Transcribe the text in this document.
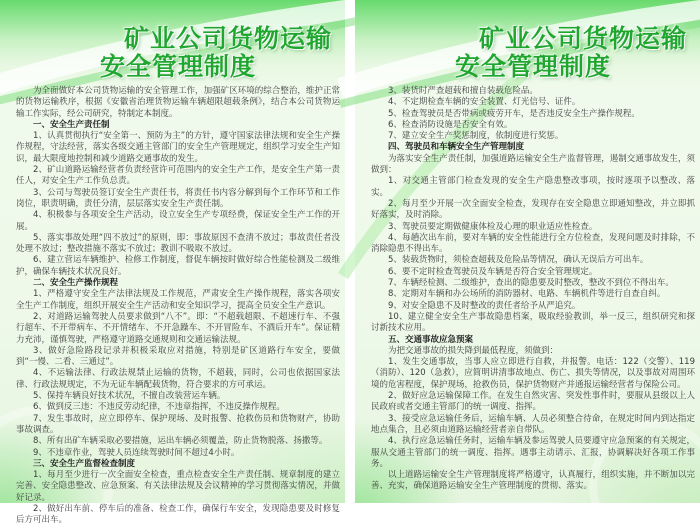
矿业公司货物运输
安全管理制度

为全面做好本公司货物运输的安全管理工作，加强矿区环境的综合整治，维护正常的货物运输秩序，根据《安徽省治理货物运输车辆超限超载条例》，结合本公司货物运输工作实际，经公司研究，特制定本制度。

一、安全生产责任制

1、认真贯彻执行“安全第一、预防为主”的方针，遵守国家法律法规和安全生产操作规程，守法经营，落实各级交通主管部门的安全生产管理规定，组织学习安全生产知识，最大限度地控制和减少道路交通事故的发生。

2、矿山道路运输经营者负责经营许可范围内的安全生产工作，是安全生产第一责任人，对安全生产工作负总责。

3、公司与驾驶员签订安全生产责任书，将责任书内容分解到每个工作环节和工作岗位，职责明确，责任分清，层层落实安全生产责任制。

4、积极参与各项安全生产活动，设立安全生产专项经费，保证安全生产工作的开展。

5、落实事故处理“四不放过”的原则，即：事故原因不查清不放过；事故责任者没处理不放过；整改措施不落实不放过；教训不吸取不放过。

6、建立营运车辆维护、检修工作制度，督促车辆按时做好综合性能检测及二级维护，确保车辆技术状况良好。

二、安全生产操作规程

1、严格遵守安全生产法律法规及工作规范，严肃安全生产操作规程，落实各项安全生产工作制度，组织开展安全生产活动和安全知识学习，提高全员安全生产意识。

2、对道路运输驾驶人员要求做到“八不”。即：“不超载超限、不超速行车、不强行超车、不开带病车、不开情绪车、不开急躁车、不开冒险车、不酒后开车”。保证精力充沛，谨慎驾驶，严格遵守道路交通规则和交通运输法规。

3、做好急险路段记录并积极采取应对措施，特别是矿区道路行车安全，要做到“一慢、二看、三通过”。

4、不运输法律、行政法规禁止运输的货物，不超载，同时，公司也依据国家法律、行政法规规定，不为无证车辆配载货物，符合要求的方可承运。

5、保持车辆良好技术状况，不擅自改装营运车辆。

6、做到反三违：不违反劳动纪律，不违章指挥，不违反操作规程。

7、发生事故时，应立即停车、保护现场、及时报警、抢救伤员和货物财产，协助事故调查。

8、所有出矿车辆采取必要措施，运出车辆必须覆盖，防止货物脱落、扬撒等。

9、不违章作业，驾驶人员连续驾驶时间不超过4小时。

三、安全生产监督检查制度

1、每月至少进行一次全面安全检查，重点检查安全生产责任制、规章制度的建立完善、安全隐患整改、应急预案、有关法律法规及会议精神的学习贯彻落实情况，并做好记录。

2、做好出车前、停车后的准备、检查工作，确保行车安全，发现隐患要及时修复后方可出车。

矿业公司货物运输
安全管理制度

3、装货时严查超载和擅自装载危险品。

4、不定期检查车辆的安全装置、灯光信号、证件。

5、检查驾驶员是否带病或疲劳开车，是否违反安全生产操作规程。

6、检查消防设施是否安全有效。

7、建立安全生产奖惩制度，依制度进行奖惩。

四、驾驶员和车辆安全生产管理制度

为落实安全生产责任制，加强道路运输安全生产监督管理，遏制交通事故发生，须做到：

1、对交通主管部门检查发现的安全生产隐患整改事项，按时逐项予以整改、落实。

2、每月至少开展一次全面安全检查，发现存在安全隐患立即通知整改，并立即抓好落实，及时消除。

3、驾驶员要定期做健康体检及心理的职业适应性检查。

4、每趟次出车前，要对车辆的安全性能进行全方位检查，发现问题及时排除，不消除隐患不得出车。

5、装载货物时，须检查超载及危险品等情况，确认无误后方可出车。

6、要不定时检查驾驶员及车辆是否符合安全管理规定。

7、车辆经检测、二级维护，查出的隐患要及时整改，整改不到位不得出车。

8、定期对车辆和办公场所的消防器材、电路、车辆机件等进行自查自纠。

9、对安全隐患不及时整改的责任者给予从严追究。

10、建立健全安全生产事故隐患档案，吸取经验教训，举一反三，组织研究和探讨新技术应用。

五、交通事故应急预案

为把交通事故的损失降到最低程度，须做到：

1、发生交通事故，当事人应立即进行自救，并报警。电话：122（交警）、119（消防）、120（急救），应简明讲清事故地点、伤亡、损失等情况，以及事故对周围环境的危害程度，保护现场，抢救伤员，保护货物财产并通报运输经营者与保险公司。

2、做好应急运输保障工作。在发生自然灾害、突发性事件时，要服从县级以上人民政府或者交通主管部门的统一调度、指挥。

3、接受应急运输任务后，运输车辆、人员必须整合待命，在规定时间内到达指定地点集合，且必须由道路运输经营者亲自带队。

4、执行应急运输任务时，运输车辆及参运驾驶人员要遵守应急预案的有关规定，服从交通主管部门的统一调度、指挥。遇事主动请示、汇报，协调解决好各项工作事务。

以上道路运输安全生产管理制度将严格遵守，认真履行，组织实施，并不断加以完善、充实，确保道路运输安全生产管理制度的贯彻、落实。
